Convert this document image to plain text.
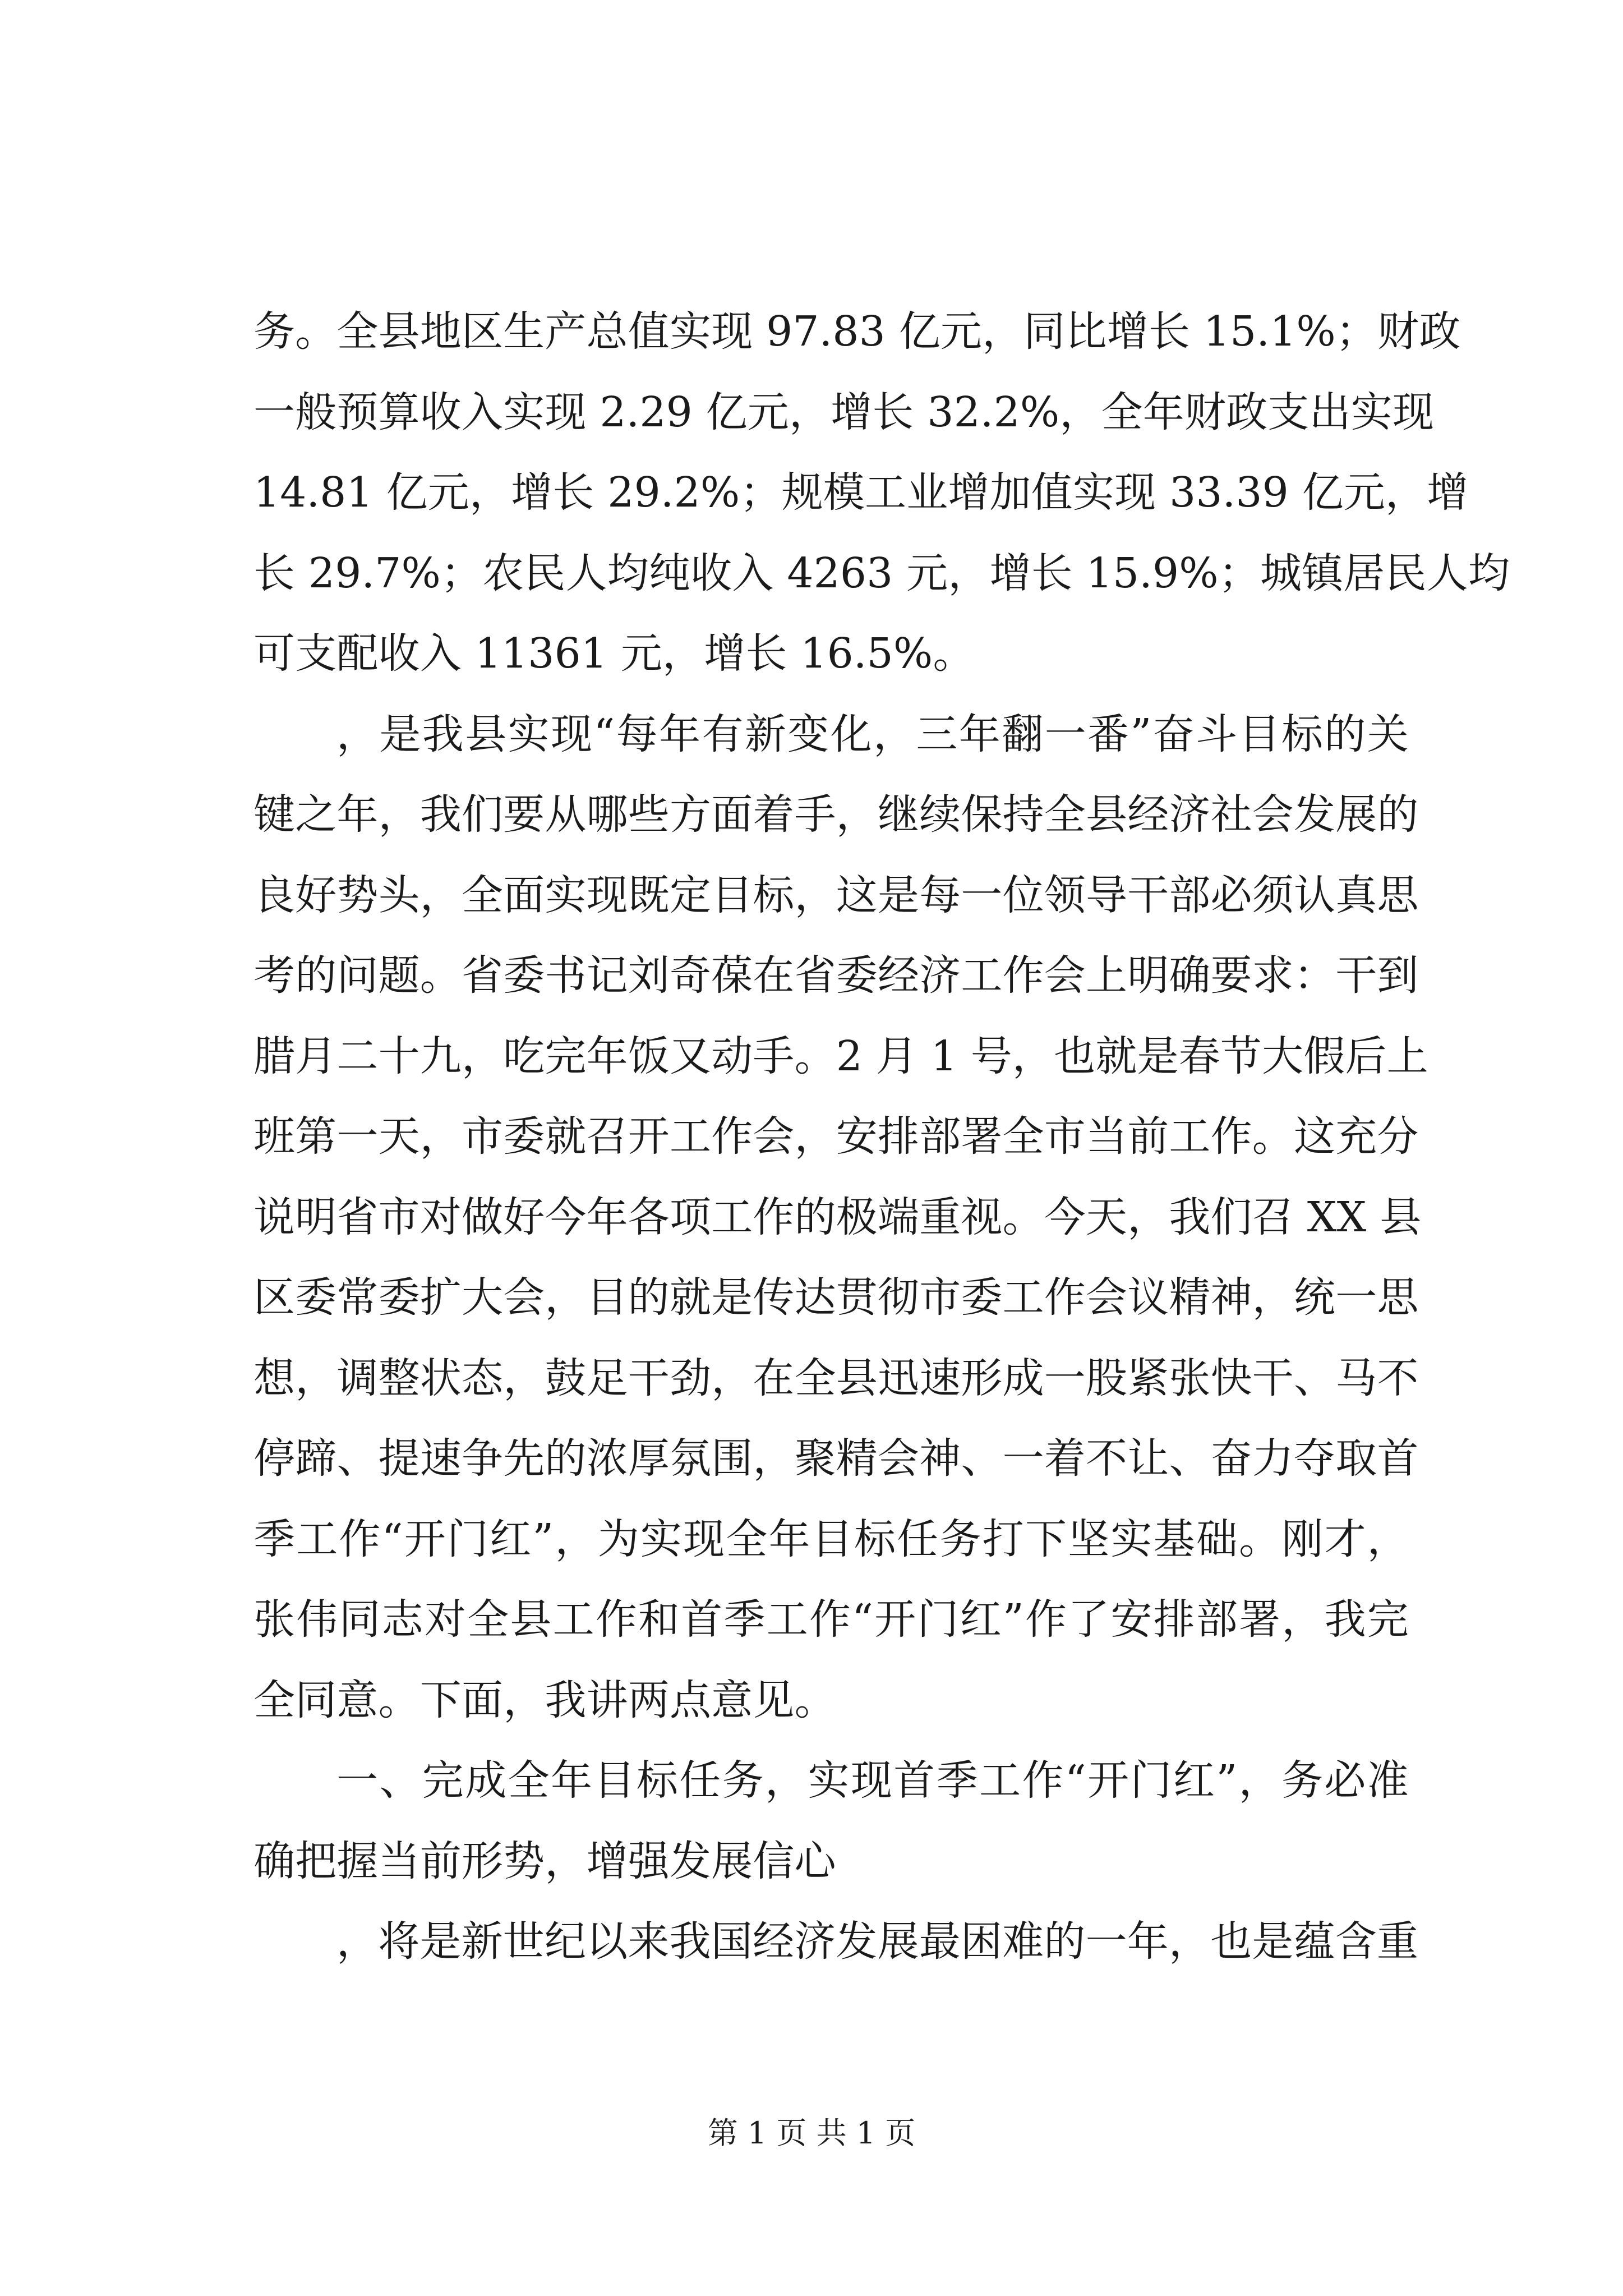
务。全县地区生产总值实现 97.83 亿元，同比增长 15.1%；财政
一般预算收入实现 2.29 亿元，增长 32.2%，全年财政支出实现
14.81 亿元，增长 29.2%；规模工业增加值实现 33.39 亿元，增
长 29.7%；农民人均纯收入 4263 元，增长 15.9%；城镇居民人均
可支配收入 11361 元，增长 16.5%。
，是我县实现“每年有新变化，三年翻一番”奋斗目标的关
键之年，我们要从哪些方面着手，继续保持全县经济社会发展的
良好势头，全面实现既定目标，这是每一位领导干部必须认真思
考的问题。省委书记刘奇葆在省委经济工作会上明确要求：干到
腊月二十九，吃完年饭又动手。2 月 1 号，也就是春节大假后上
班第一天，市委就召开工作会，安排部署全市当前工作。这充分
说明省市对做好今年各项工作的极端重视。今天，我们召 XX 县
区委常委扩大会，目的就是传达贯彻市委工作会议精神，统一思
想，调整状态，鼓足干劲，在全县迅速形成一股紧张快干、马不
停蹄、提速争先的浓厚氛围，聚精会神、一着不让、奋力夺取首
季工作“开门红”，为实现全年目标任务打下坚实基础。刚才，
张伟同志对全县工作和首季工作“开门红”作了安排部署，我完
全同意。下面，我讲两点意见。
一、完成全年目标任务，实现首季工作“开门红”，务必准
确把握当前形势，增强发展信心
，将是新世纪以来我国经济发展最困难的一年，也是蕴含重
第 1 页 共 1 页
